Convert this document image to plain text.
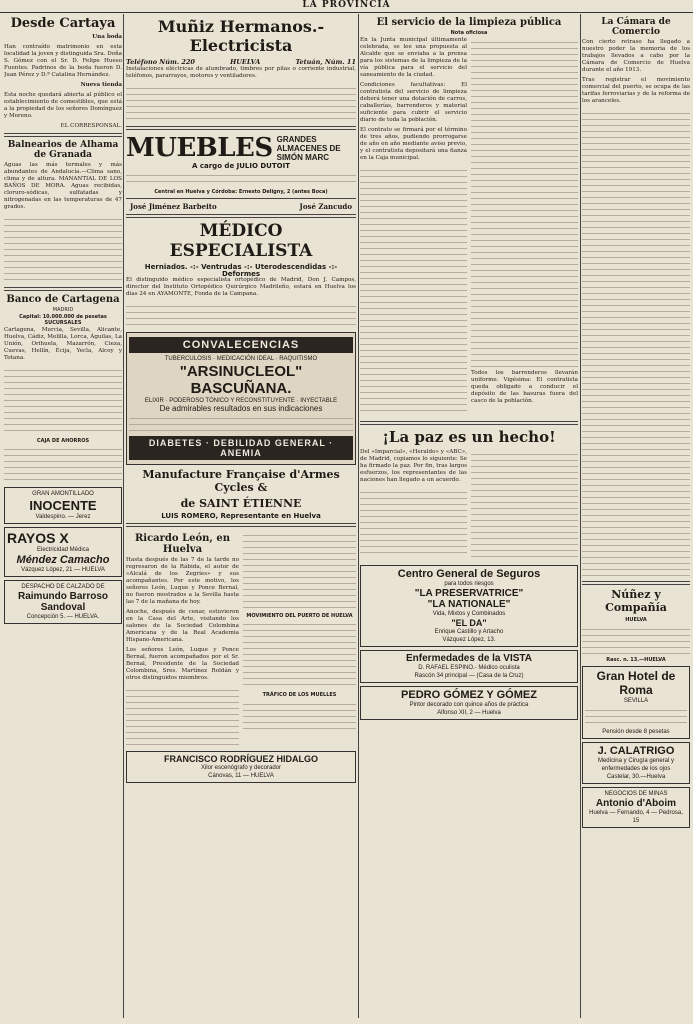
LA PROVINCIA
Desde Cartaya
Una boda

Han contraído matrimonio en esta localidad la joven y distinguida Sra. Doña S. Gómez con el Sr. D. Felipe Hueso Fuentes. Padrinos de la boda fueron D. Juan Pérez y D.ª Catalina Hernández.

Nueva tienda

Esta noche quedará abierta al público el establecimiento de comestibles, que está a la propiedad de los señores Domínguez y Moreno.

EL CORRESPONSAL.
Balnearios de Alhama de Granada

Aguas las más termales y más abundantes de Andalucía.—Clima sano, clima y de altura. MANANTIAL DE LOS BAÑOS DE MORA. Aguas recibidas, cloruro-sódicas, sulfatadas y nitrogenadas en las temperaturas de 47 grados.

Banco de Cartagena
MADRID
Capital: 10.000.000 de pesetas
SUCURSALES

Cartagena, Murcia, Sevilla, Alicante, Huelva, Cádiz, Melilla, Lorca, Águilas, La Unión, Orihuela, Mazarrón, Cieza, Cuevas, Hellín, Écija, Yecla, Alcoy y Totana.

CAJA DE AHORROS

GRAN AMONTILLADO
INOCENTE
Valdespino. — Jerez
RAYOS X
Electricidad Médica
Méndez Camacho
Vázquez López, 21 — HUELVA
DESPACHO DE CALZADO DE
Raimundo Barroso Sandoval
Concepción 5. — HUELVA.
Muñiz Hermanos.- Electricista
Teléfono Núm. 220	HUELVA	Tetuán, Núm. 11

Instalaciones eléctricas de alumbrado, timbres por pilas o corriente industrial, teléfonos, pararrayos, motores y ventiladores.

MUEBLES GRANDES ALMACENES DE SIMÓN MARC
A cargo de JULIO DUTOIT

Central en Huelva y Córdoba: Ernesto Deligny, 2 (antes Boca)
José Jiménez Barbeito	José Zancudo
MÉDICO ESPECIALISTA
Herniados. -:- Ventrudas -:- Uterodescendidas -:- Deformes

El distinguido médico especialista ortopédico de Madrid, Don J. Campos, director del Instituto Ortopédico Quirúrgico Madrileño, estará en Huelva los días 24 en AYAMONTE, Fonda de la Campana.

CONVALECENCIAS
TUBERCULOSIS · MEDICACIÓN IDEAL · RAQUITISMO
"ARSINUCLEOL" BASCUÑANA.
ELIXIR · PODEROSO TÓNICO Y RECONSTITUYENTE · INYECTABLE
De admirables resultados en sus indicaciones

DIABETES · DEBILIDAD GENERAL · ANEMIA
Manufacture Française d'Armes Cycles &
de SAINT ÉTIENNE
LUIS ROMERO, Representante en Huelva
Ricardo León, en Huelva

Hasta después de las 7 de la tarde no regresaron de la Rábida, el autor de «Alcalá de los Zegríes» y sus acompañantes. Por este motivo, los señores León, Luque y Ponce Bernal, no fueron mostrados a la Sevilla hasta las 7 de la mañana de hoy.

Anoche, después de cenar, estuvieron en la Casa del Arte, visitando los salones de la Sociedad Colombina Americana y de la Real Academia Hispano-Americana.

Los señores León, Luque y Ponce Bernal, fueron acompañados por el Sr. Bernal, Presidente de la Sociedad Colombina, Sres. Martínez Roldán y otros distinguidos miembros.

MOVIMIENTO DEL PUERTO DE HUELVA

TRÁFICO DE LOS MUELLES

FRANCISCO RODRÍGUEZ HIDALGO
Xilor escenógrafo y decorador
Cánovas, 11 — HUELVA
El servicio de la limpieza pública
Nota oficiosa

En la Junta municipal últimamente celebrada, se lee una propuesta al Alcalde que se enviaba a la prensa para los sistemas de la limpieza de la vía pública para el servicio del saneamiento de la ciudad.

Condiciones facultativas: El contratista del servicio de limpieza deberá tener una dotación de carros, caballerías, barrenderos y material suficiente para cubrir el servicio diario de toda la población.

El contrato se firmará por el término de tres años, pudiendo prorrogarse de año en año mediante aviso previo, y el contratista depositará una fianza en la Caja municipal.

Todos los barrenderos llevarán uniforme. Vigésima: El contratista queda obligado a conducir el depósito de las basuras fuera del casco de la población.

¡La paz es un hecho!

Del «Imparcial», «Heraldo» y «ABC», de Madrid, copiamos lo siguiente: Se ha firmado la paz. Por fin, tras largos esfuerzos, los representantes de las naciones han llegado a un acuerdo.

Centro General de Seguros
para todos riesgos
"LA PRESERVATRICE"
"LA NATIONALE"
Vida, Mixtos y Combinados
"EL DA"
Enrique Castillo y Artacho
Vázquez López, 13.
Enfermedades de la VISTA
D. RAFAEL ESPINO.- Médico oculista
Rascón 34 principal — (Casa de la Cruz)
PEDRO GÓMEZ Y GÓMEZ
Pintor decorado con quince años de práctica
Alfonso XII, 2 — Huelva
La Cámara de Comercio

Con cierto retraso ha llegado a nuestro poder la memoria de los trabajos llevados a cabo por la Cámara de Comercio de Huelva durante el año 1913.

Tras registrar el movimiento comercial del puerto, se ocupa de las tarifas ferroviarias y de la reforma de los aranceles.

Núñez y Compañía
HUELVA

Rasc. n. 13.—HUELVA
Gran Hotel de Roma
SEVILLA

Pensión desde 8 pesetas
J. CALATRIGO
Medicina y Cirugía general y enfermedades de los ojos
Castelar, 30.—Huelva
NEGOCIOS DE MINAS
Antonio d'Aboim
Huelva — Fernando, 4 — Pedrosa, 15
